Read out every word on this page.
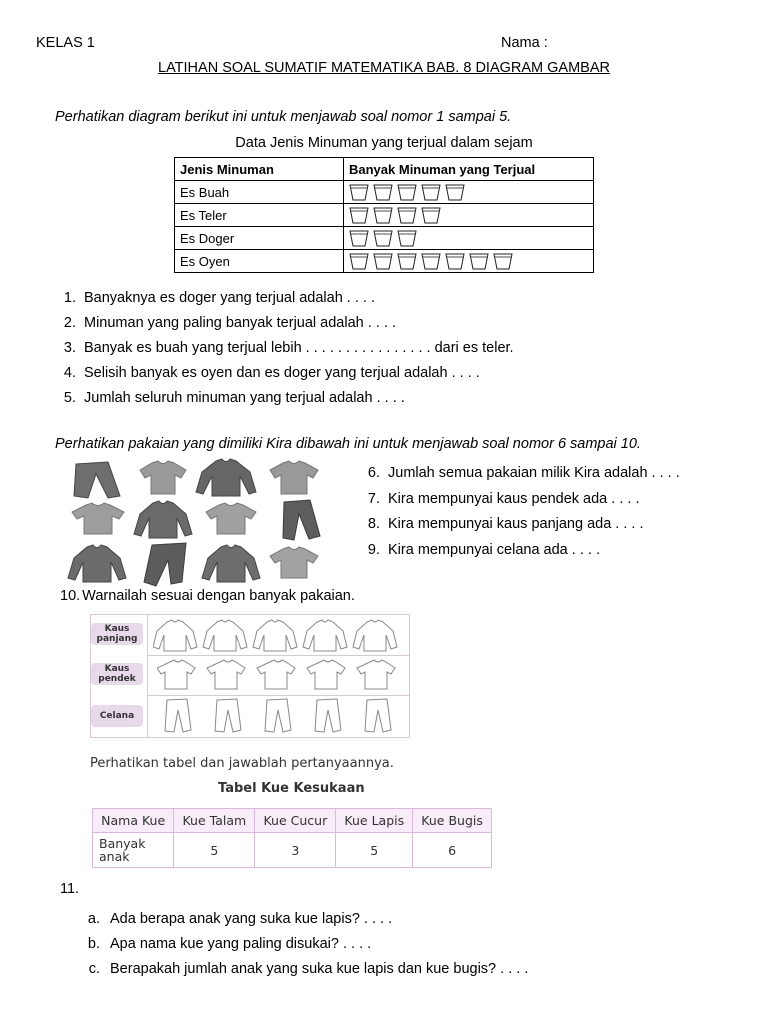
KELAS 1	Nama :
LATIHAN SOAL SUMATIF MATEMATIKA BAB. 8 DIAGRAM GAMBAR
Perhatikan diagram berikut ini untuk menjawab soal nomor 1 sampai 5.
Data Jenis Minuman yang terjual dalam sejam
Jenis Minuman	Banyak Minuman yang Terjual
Es Buah	

Es Teler	

Es Doger	

Es Oyen	
1. Banyaknya es doger yang terjual adalah . . . .
2. Minuman yang paling banyak terjual adalah . . . .
3. Banyak es buah yang terjual lebih . . . . . . . . . . . . . . . . dari es teler.
4. Selisih banyak es oyen dan es doger yang terjual adalah . . . .
5. Jumlah seluruh minuman yang terjual adalah . . . .
Perhatikan pakaian yang dimiliki Kira dibawah ini untuk menjawab soal nomor 6 sampai 10.
6. Jumlah semua pakaian milik Kira adalah . . . .
7. Kira mempunyai kaus pendek ada . . . .
8. Kira mempunyai kaus panjang ada . . . .
9. Kira mempunyai celana ada . . . .
10. Warnailah sesuai dengan banyak pakaian.
Kaus
panjang
Kaus
pendek
Celana
Perhatikan tabel dan jawablah pertanyaannya.
Tabel Kue Kesukaan
Nama Kue	Kue Talam	Kue Cucur	Kue Lapis	Kue Bugis
Banyak
anak	5	3	5	6
11.
a. Ada berapa anak yang suka kue lapis? . . . .
b. Apa nama kue yang paling disukai? . . . .
c. Berapakah jumlah anak yang suka kue lapis dan kue bugis? . . . .
